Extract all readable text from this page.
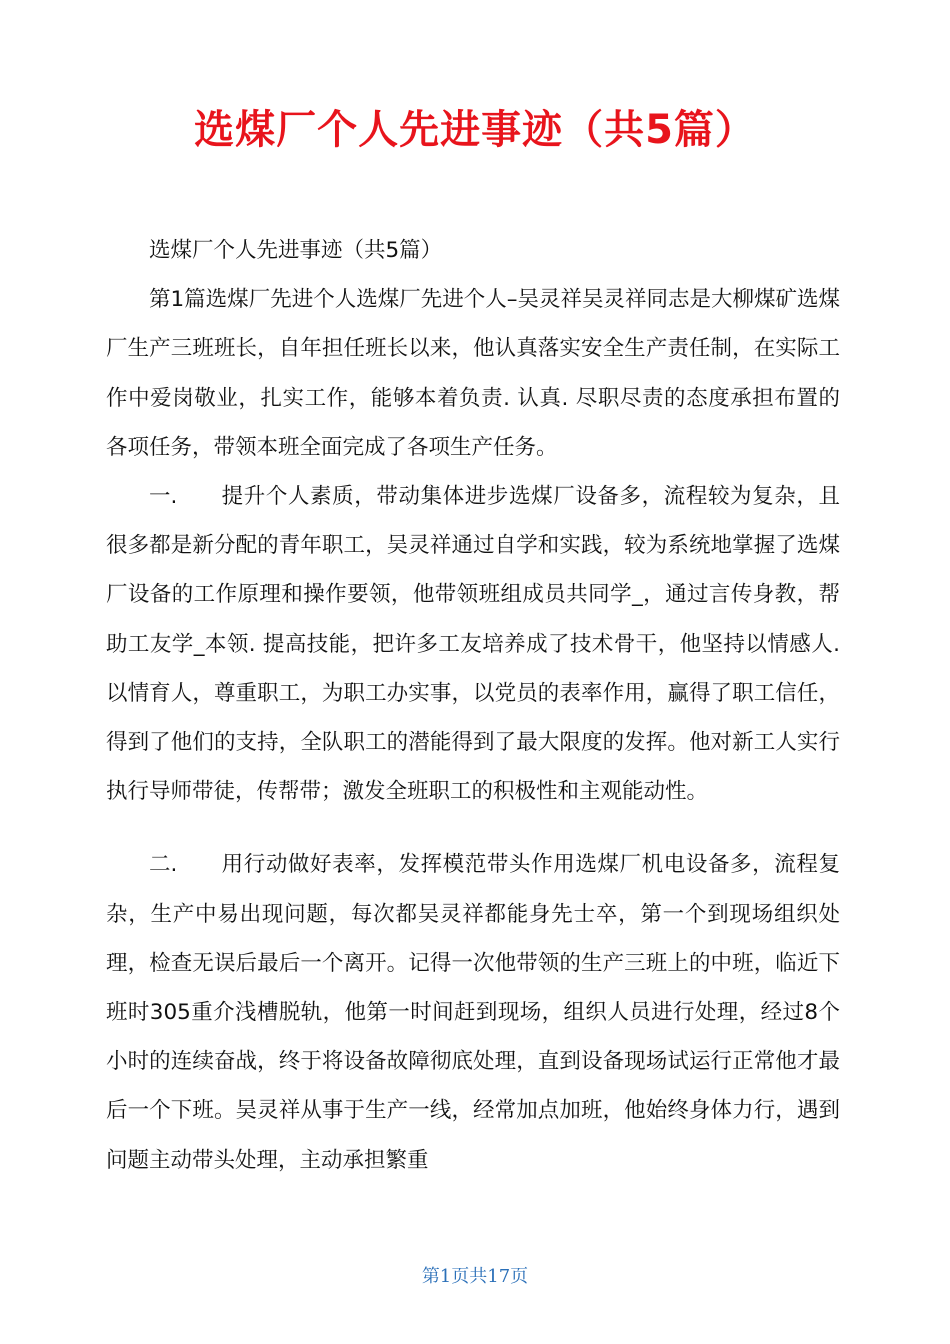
选煤厂个人先进事迹（共5篇）

选煤厂个人先进事迹（共5篇）

第1篇选煤厂先进个人选煤厂先进个人–吴灵祥吴灵祥同志是大柳煤矿选煤厂生产三班班长，自年担任班长以来，他认真落实安全生产责任制，在实际工作中爱岗敬业，扎实工作，能够本着负责. 认真. 尽职尽责的态度承担布置的各项任务，带领本班全面完成了各项生产任务。

一. 提升个人素质，带动集体进步选煤厂设备多，流程较为复杂，且很多都是新分配的青年职工，吴灵祥通过自学和实践，较为系统地掌握了选煤厂设备的工作原理和操作要领，他带领班组成员共同学_，通过言传身教，帮助工友学_本领. 提高技能，把许多工友培养成了技术骨干，他坚持以情感人. 以情育人，尊重职工，为职工办实事，以党员的表率作用，赢得了职工信任，得到了他们的支持，全队职工的潜能得到了最大限度的发挥。他对新工人实行执行导师带徒，传帮带；激发全班职工的积极性和主观能动性。

二. 用行动做好表率，发挥模范带头作用选煤厂机电设备多，流程复杂，生产中易出现问题，每次都吴灵祥都能身先士卒，第一个到现场组织处理，检查无误后最后一个离开。记得一次他带领的生产三班上的中班，临近下班时305重介浅槽脱轨，他第一时间赶到现场，组织人员进行处理，经过8个小时的连续奋战，终于将设备故障彻底处理，直到设备现场试运行正常他才最后一个下班。吴灵祥从事于生产一线，经常加点加班，他始终身体力行，遇到问题主动带头处理，主动承担繁重

第1页共17页
